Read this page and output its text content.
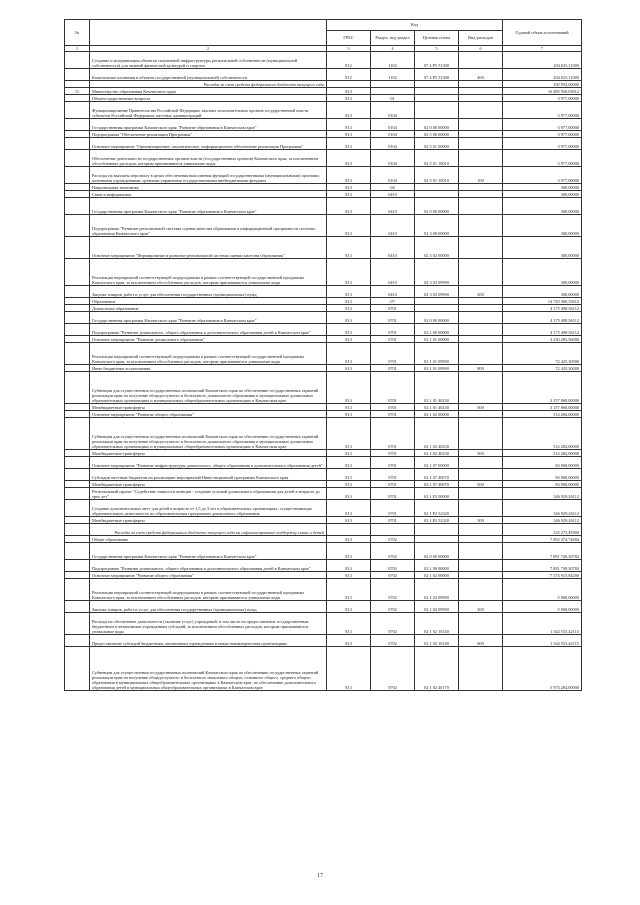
№		Код				Годовой объем ассигнований
		ГРБС	Раздел, под-раздел	Целевая статья	Вид расходов	
1	2	3	4	5	6	7
	Создание и модернизация объектов спортивной инфраструктуры региональной собственности (муниципальной собственности) для занятий физической культурой и спортом	812	1102	07 4 P5 51390		204 635,11000
	Капитальные вложения в объекты государственной (муниципальной) собственности	812	1102	07 4 P5 51390	400	204 635,11000
	Расходы за счет средств федерального бюджета текущего года					192 932,00000
11	Министерство образования Камчатского края	813				16 485 930,03812
	Общегосударственные вопросы	813	01			3 977,00000
	Функционирование Правительства Российской Федерации, высших исполнительных органов государственной власти субъектов Российской Федерации, местных администраций	813	0104			3 977,00000
	Государственная программа Камчатского края "Развитие образования в Камчатском крае"	813	0104	02 0 00 00000		3 977,00000
	Подпрограмма "Обеспечение реализации Программы"	813	0104	02 5 00 00000		3 977,00000
	Основное мероприятие "Организационное, аналитическое, информационное обеспечение реализации Программы"	813	0104	02 5 01 00000		3 977,00000
	Обеспечение деятельности государственных органов власти (государственных органов) Камчатского края, за исключением обособленных расходов, которым присваиваются уникальные коды	813	0104	02 5 01 10010		3 977,00000
	Расходы на выплаты персоналу в целях обеспечения выполнения функций государственными (муниципальными) органами, казенными учреждениями, органами управления государственными внебюджетными фондами	813	0104	02 5 01 10010	100	3 977,00000
	Национальная экономика	813	04			300,00000
	Связь и информатика	813	0410			300,00000
	Государственная программа Камчатского края "Развитие образования в Камчатском крае"	813	0410	02 0 00 00000		300,00000
	Подпрограмма "Развитие региональной системы оценки качества образования и информационной прозрачности системы образования Камчатского края"	813	0410	02 3 00 00000		300,00000
	Основное мероприятие "Формирование и развитие региональной системы оценки качества образования"	813	0410	02 3 02 00000		300,00000
	Реализация мероприятий соответствующей подпрограммы в рамках соответствующей государственной программы Камчатского края, за исключением обособленных расходов, которым присваиваются уникальные коды	813	0410	02 3 02 09990		300,00000
	Закупка товаров, работ и услуг для обеспечения государственных (муниципальных) нужд	813	0410	02 3 02 09990	200	300,00000
	Образование	813	07			14 720 360,33612
	Дошкольное образование	813	0701			4 175 498,56112
	Государственная программа Камчатского края "Развитие образования в Камчатском крае"	813	0701	02 0 00 00000		4 175 498,56112
	Подпрограмма "Развитие дошкольного, общего образования и дополнительного образования детей в Камчатском крае"	813	0701	02 1 00 00000		4 175 498,56112
	Основное мероприятие "Развитие дошкольного образования"	813	0701	02 1 01 00000		3 230 285,56000
	Реализация мероприятий соответствующей подпрограммы в рамках соответствующей государственной программы Камчатского края, за исключением обособленных расходов, которым присваиваются уникальные коды	813	0701	02 1 01 09990		72 425,30000
	Иные бюджетные ассигнования	813	0701	02 1 01 09990	800	72 425,30000
	Субвенции для осуществления государственных полномочий Камчатского края по обеспечению государственных гарантий реализации прав на получение общедоступного и бесплатного дошкольного образования в муниципальных дошкольных образовательных организациях и муниципальных общеобразовательных организациях в Камчатском крае	813	0701	02 1 01 40230		3 157 860,00000
	Межбюджетные трансферты	813	0701	02 1 01 40230	500	3 157 860,00000
	Основное мероприятие "Развитие общего образования"	813	0701	02 1 02 00000		514 284,00000
	Субвенции для осуществления государственных полномочий Камчатского края по обеспечению государственных гарантий реализации прав на получение общедоступного и бесплатного дошкольного образования в муниципальных дошкольных образовательных организациях и муниципальных общеобразовательных организациях в Камчатском крае	813	0701	02 1 02 40230		514 284,00000
	Межбюджетные трансферты	813	0701	02 1 02 40230	500	514 284,00000
	Основное мероприятие "Развитие инфраструктуры дошкольного, общего образования и дополнительного образования детей"	813	0701	02 1 07 00000		84 000,00000
	Субсидии местным бюджетам на реализацию мероприятий Инвестиционной программы Камчатского края	813	0701	02 1 07 40070		84 000,00000
	Межбюджетные трансферты	813	0701	02 1 07 40070	500	84 000,00000
	Региональный проект "Содействие занятости женщин - создание условий дошкольного образования для детей в возрасте до трех лет"	813	0701	02 1 P2 00000		346 929,26112
	Создание дополнительных мест для детей в возрасте от 1,5 до 3 лет в образовательных организациях, осуществляющих образовательную деятельность по образовательным программам дошкольного образования	813	0701	02 1 P2 52320		346 929,26112
	Межбюджетные трансферты	813	0701	02 1 P2 52320	500	346 929,26112
	Расходы за счет средств федерального бюджета текущего года на софинансирование поддержку семьи и детей					325 273,45900
	Общее образование	813	0702			7 892 374,74684
	Государственная программа Камчатского края "Развитие образования в Камчатском крае"	813	0702	02 0 00 00000		7 891 749,30784
	Подпрограмма "Развитие дошкольного, общего образования и дополнительного образования детей в Камчатском крае"	813	0702	02 1 00 00000		7 891 749,30784
	Основное мероприятие "Развитие общего образования"	813	0702	02 1 02 00000		7 574 915,84200
	Реализация мероприятий соответствующей подпрограммы в рамках соответствующей государственной программы Камчатского края, за исключением обособленных расходов, которым присваиваются уникальные коды	813	0702	02 1 02 09990		5 000,00000
	Закупка товаров, работ и услуг для обеспечения государственных (муниципальных) нужд	813	0702	02 1 02 09990	200	5 000,00000
	Расходы на обеспечение деятельности (оказание услуг) учреждений, в том числе на предоставление государственным бюджетным и автономным учреждениям субсидий, за исключением обособленных расходов, которым присваиваются уникальные коды	813	0702	02 1 02 10140		1 342 553,42115
	Предоставление субсидий бюджетным, автономным учреждениям и иным некоммерческим организациям	813	0702	02 1 02 10140	600	1 342 553,42115
	Субвенции для осуществления государственных полномочий Камчатского края по обеспечению государственных гарантий реализации прав на получение общедоступного и бесплатного начального общего, основного общего, среднего общего образования в муниципальных общеобразовательных организациях в Камчатском крае, по обеспечению дополнительного образования детей в муниципальных общеобразовательных организациях в Камчатском крае	813	0702	02 1 02 40170		5 974 284,00000
17
